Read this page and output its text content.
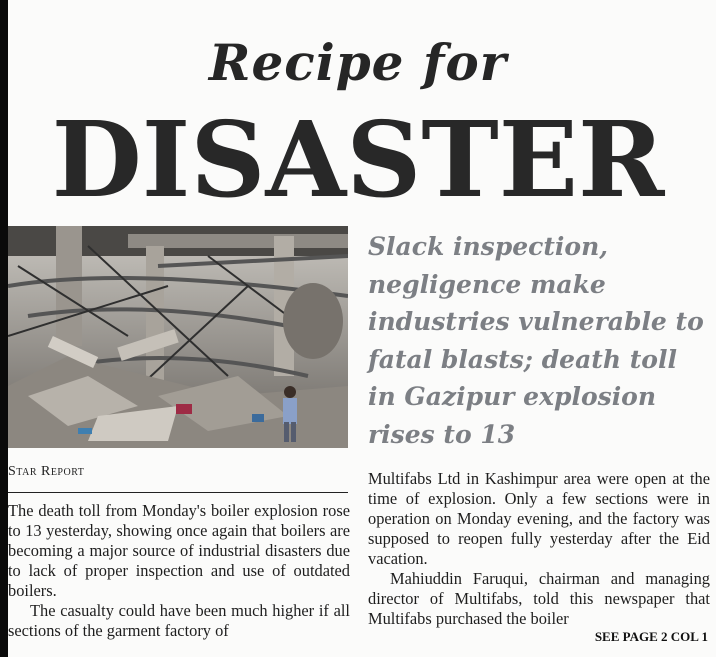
Recipe for
DISASTER
Slack inspection, negligence make industries vulnerable to fatal blasts; death toll in Gazipur explosion rises to 13
Star Report

The death toll from Monday's boiler explosion rose to 13 yesterday, showing once again that boilers are becoming a major source of industrial disasters due to lack of proper inspection and use of outdated boilers.

The casualty could have been much higher if all sections of the garment factory of

Multifabs Ltd in Kashimpur area were open at the time of explosion. Only a few sections were in operation on Monday evening, and the factory was supposed to reopen fully yesterday after the Eid vacation.

Mahiuddin Faruqui, chairman and managing director of Multifabs, told this newspaper that Multifabs purchased the boiler

SEE PAGE 2 COL 1
